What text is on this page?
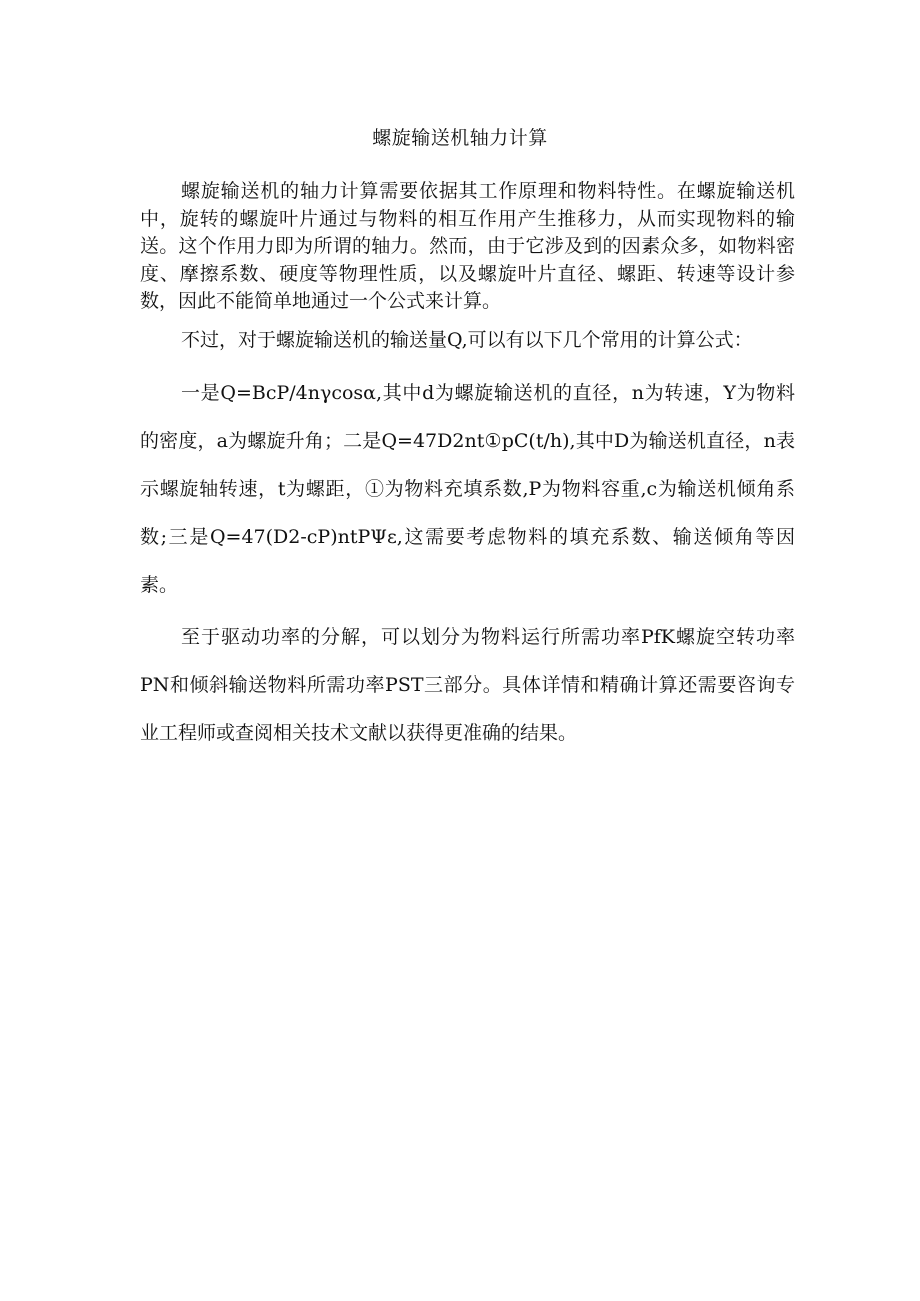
螺旋输送机轴力计算

螺旋输送机的轴力计算需要依据其工作原理和物料特性。在螺旋输送机中，旋转的螺旋叶片通过与物料的相互作用产生推移力，从而实现物料的输送。这个作用力即为所谓的轴力。然而，由于它涉及到的因素众多，如物料密度、摩擦系数、硬度等物理性质，以及螺旋叶片直径、螺距、转速等设计参数，因此不能简单地通过一个公式来计算。

不过，对于螺旋输送机的输送量Q,可以有以下几个常用的计算公式：

一是Q=BcP/4nγcosα,其中d为螺旋输送机的直径，n为转速，Y为物料的密度，a为螺旋升角；二是Q=47D2nt①pC(t/h),其中D为输送机直径，n表示螺旋轴转速，t为螺距，①为物料充填系数,P为物料容重,c为输送机倾角系数;三是Q=47(D2-cP)ntPΨε,这需要考虑物料的填充系数、输送倾角等因素。

至于驱动功率的分解，可以划分为物料运行所需功率PfK螺旋空转功率PN和倾斜输送物料所需功率PST三部分。具体详情和精确计算还需要咨询专业工程师或查阅相关技术文献以获得更准确的结果。
